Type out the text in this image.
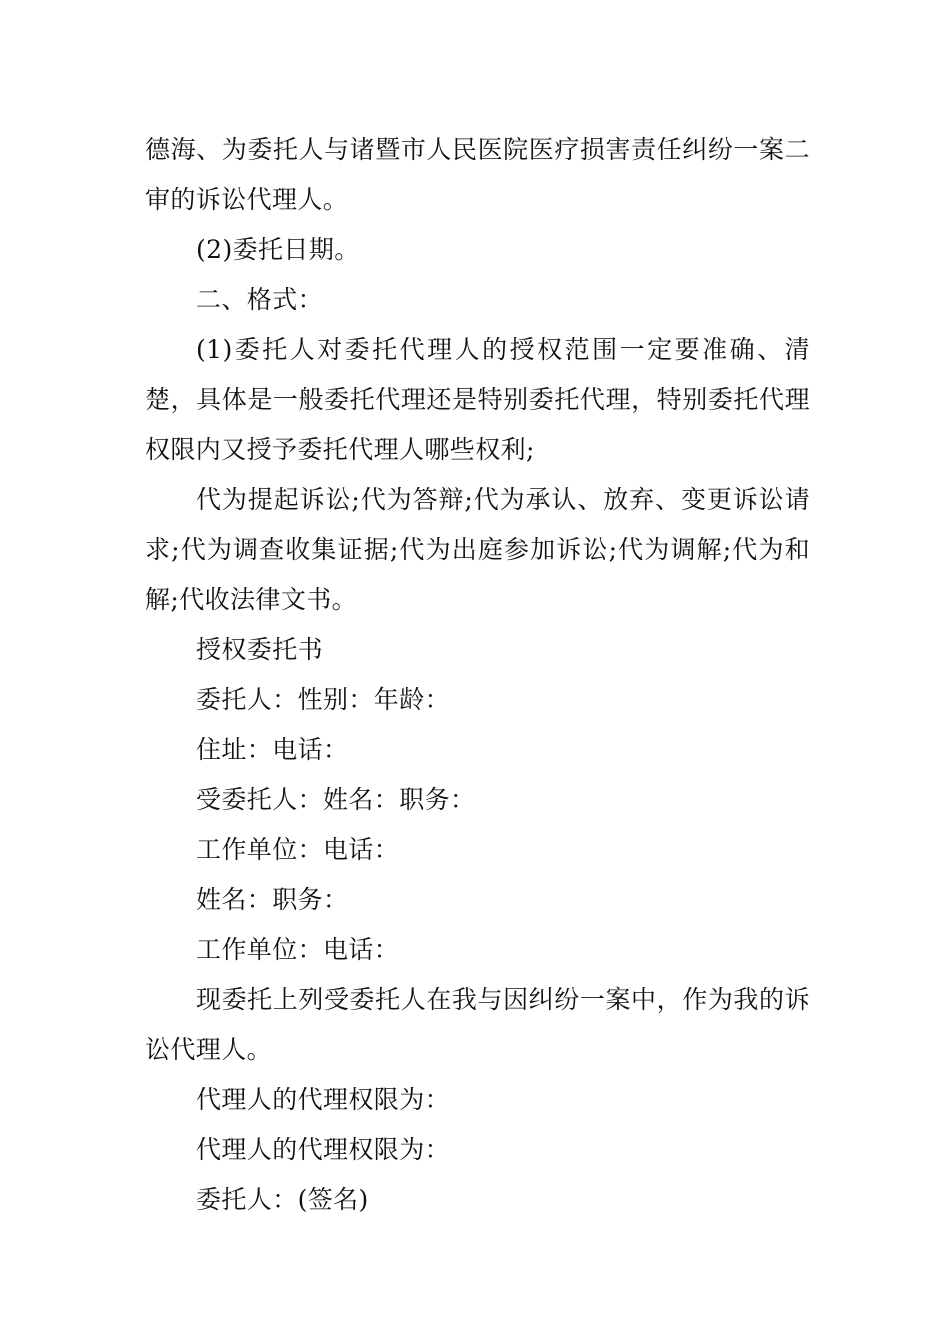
德海、为委托人与诸暨市人民医院医疗损害责任纠纷一案二审的诉讼代理人。

(2)委托日期。

二、格式：

(1)委托人对委托代理人的授权范围一定要准确、清楚，具体是一般委托代理还是特别委托代理，特别委托代理权限内又授予委托代理人哪些权利;

代为提起诉讼;代为答辩;代为承认、放弃、变更诉讼请求;代为调查收集证据;代为出庭参加诉讼;代为调解;代为和解;代收法律文书。

授权委托书

委托人：性别：年龄：

住址：电话：

受委托人：姓名：职务：

工作单位：电话：

姓名：职务：

工作单位：电话：

现委托上列受委托人在我与因纠纷一案中，作为我的诉讼代理人。

代理人的代理权限为：

代理人的代理权限为：

委托人：(签名)
